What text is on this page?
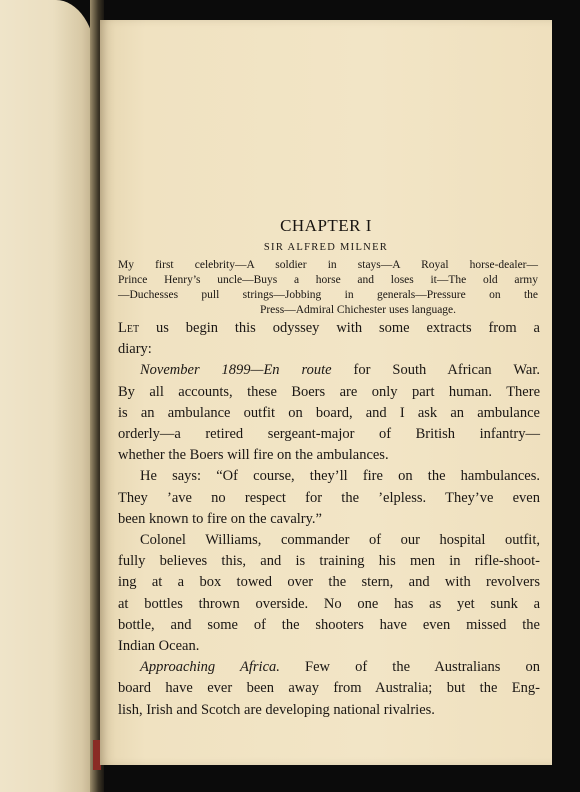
CHAPTER I
SIR ALFRED MILNER
My first celebrity—A soldier in stays—A Royal horse-dealer—
Prince Henry’s uncle—Buys a horse and loses it—The old army
—Duchesses pull strings—Jobbing in generals—Pressure on the
Press—Admiral Chichester uses language.
Let us begin this odyssey with some extracts from a
diary:
November 1899—En route for South African War.
By all accounts, these Boers are only part human. There
is an ambulance outfit on board, and I ask an ambulance
orderly—a retired sergeant-major of British infantry—
whether the Boers will fire on the ambulances.
He says: “Of course, they’ll fire on the hambulances.
They ’ave no respect for the ’elpless. They’ve even
been known to fire on the cavalry.”
Colonel Williams, commander of our hospital outfit,
fully believes this, and is training his men in rifle-shoot-
ing at a box towed over the stern, and with revolvers
at bottles thrown overside. No one has as yet sunk a
bottle, and some of the shooters have even missed the
Indian Ocean.
Approaching Africa. Few of the Australians on
board have ever been away from Australia; but the Eng-
lish, Irish and Scotch are developing national rivalries.
